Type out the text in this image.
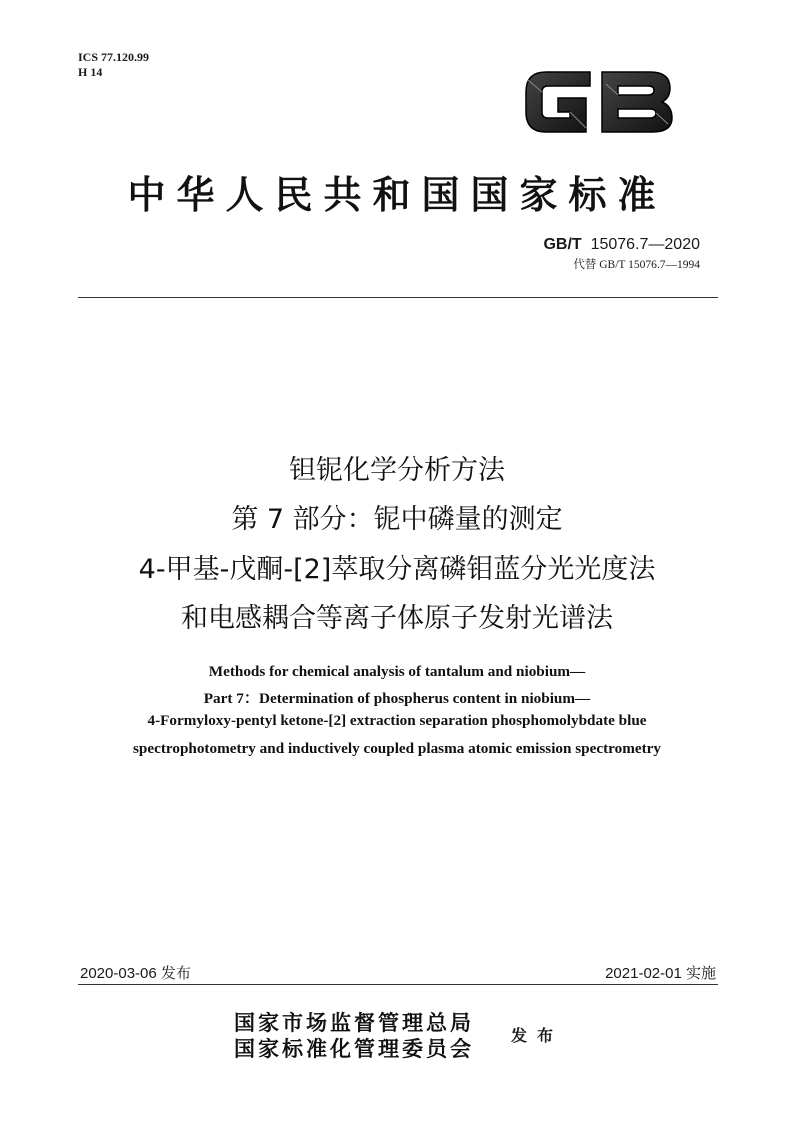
ICS 77.120.99
H 14
中华人民共和国国家标准
GB/T 15076.7—2020
代替 GB/T 15076.7—1994
钽铌化学分析方法
第 7 部分：铌中磷量的测定
4-甲基-戊酮-[2]萃取分离磷钼蓝分光光度法
和电感耦合等离子体原子发射光谱法
Methods for chemical analysis of tantalum and niobium—
Part 7：Determination of phospherus content in niobium—
4-Formyloxy-pentyl ketone-[2] extraction separation phosphomolybdate blue
spectrophotometry and inductively coupled plasma atomic emission spectrometry
2020-03-06 发布	2021-02-01 实施
国家市场监督管理总局
国家标准化管理委员会
发布
